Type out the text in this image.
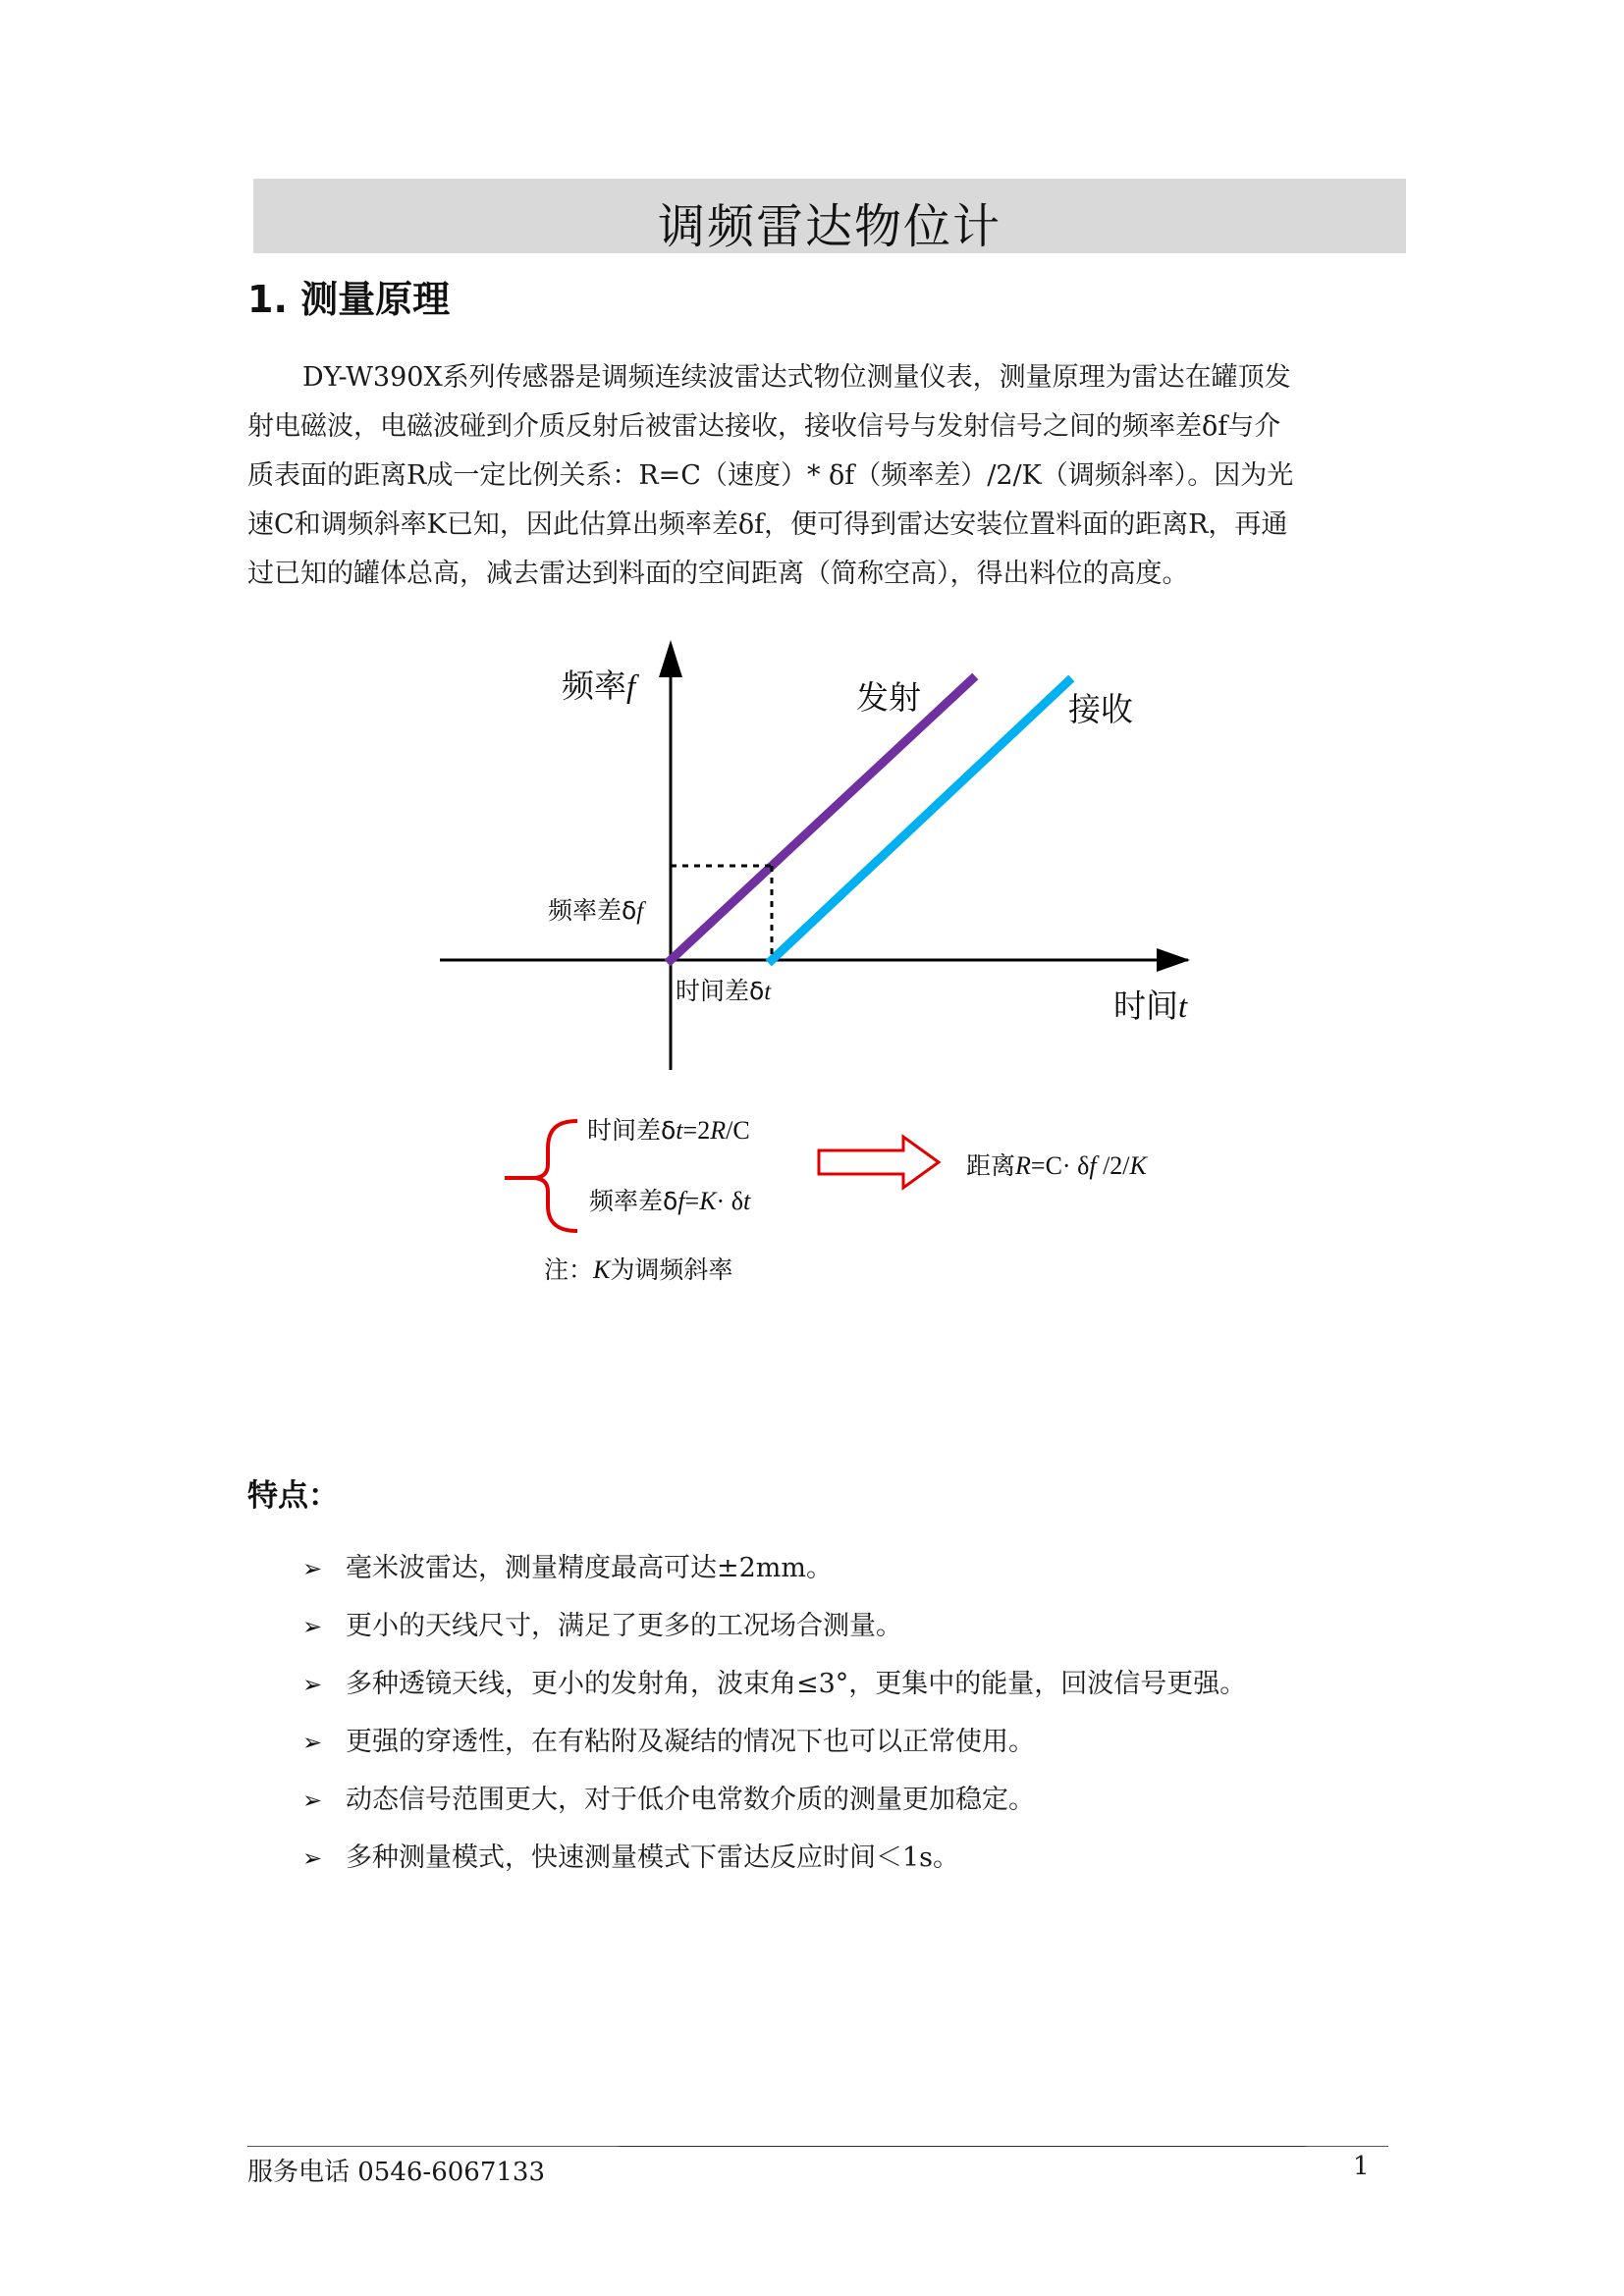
调频雷达物位计
1. 测量原理
DY-W390X系列传感器是调频连续波雷达式物位测量仪表，测量原理为雷达在罐顶发
射电磁波，电磁波碰到介质反射后被雷达接收，接收信号与发射信号之间的频率差δf与介
质表面的距离R成一定比例关系：R=C（速度）* δf（频率差）/2/K（调频斜率）。因为光
速C和调频斜率K已知，因此估算出频率差δf，便可得到雷达安装位置料面的距离R，再通
过已知的罐体总高，减去雷达到料面的空间距离（简称空高），得出料位的高度。
频率f	发射	接收
频率差δf
时间差δt	时间t
时间差δt=2R/C
频率差δf=K· δt
距离R=C· δf /2/K
注：K为调频斜率
特点：
➢ 毫米波雷达，测量精度最高可达±2mm。
➢ 更小的天线尺寸，满足了更多的工况场合测量。
➢ 多种透镜天线，更小的发射角，波束角≤3°，更集中的能量，回波信号更强。
➢ 更强的穿透性，在有粘附及凝结的情况下也可以正常使用。
➢ 动态信号范围更大，对于低介电常数介质的测量更加稳定。
➢ 多种测量模式，快速测量模式下雷达反应时间＜1s。
服务电话 0546-6067133	1
